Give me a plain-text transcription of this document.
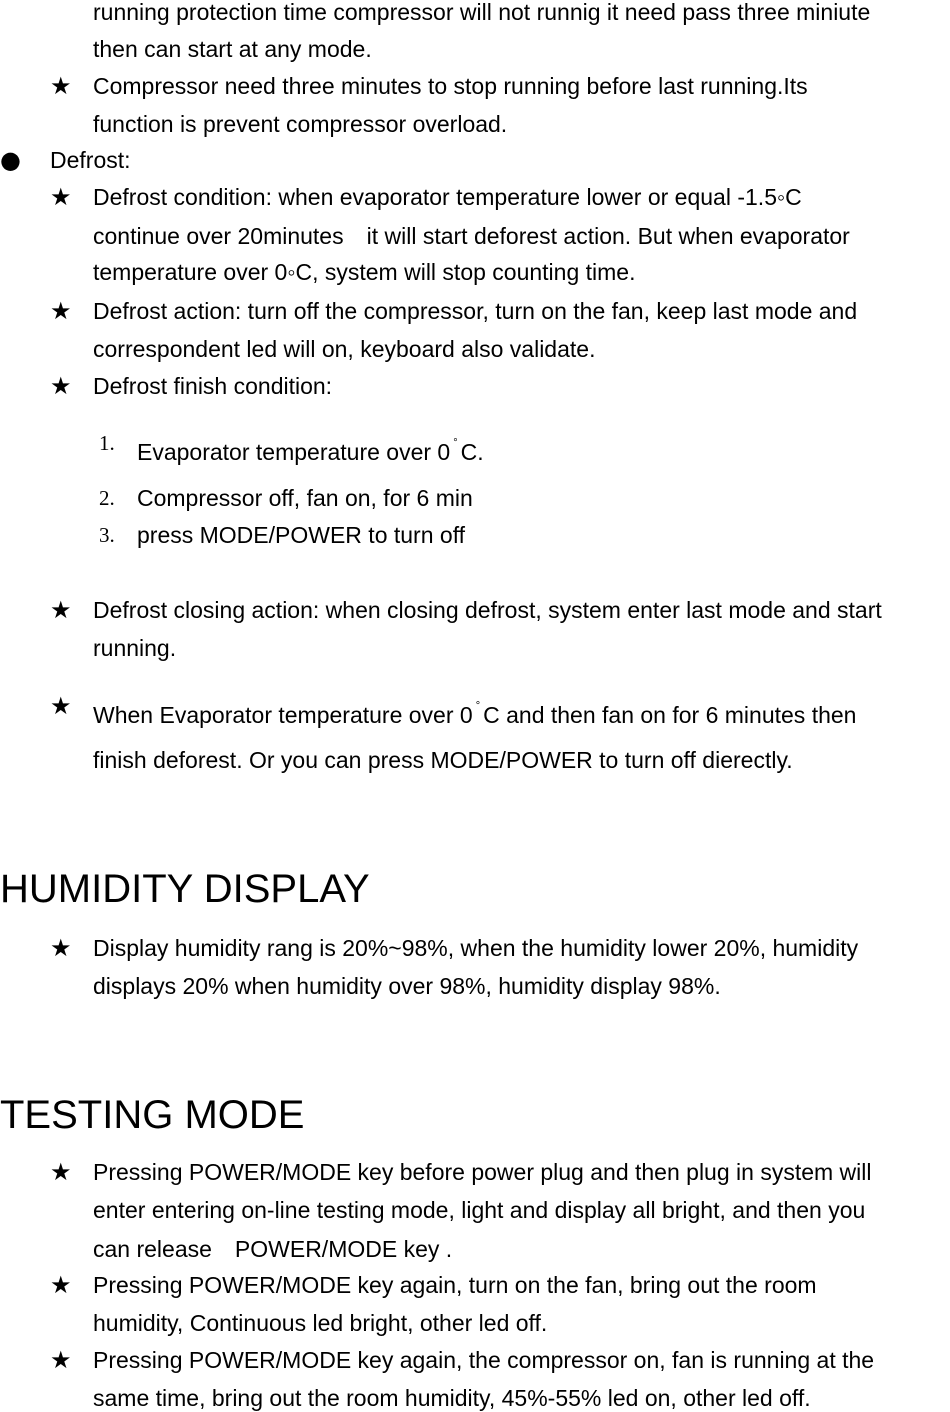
running protection time compressor will not runnig it need pass three miniute
then can start at any mode.
★ Compressor need three minutes to stop running before last running.Its
function is prevent compressor overload.
● Defrost:
★ Defrost condition: when evaporator temperature lower or equal -1.5◦C
continue over 20minutes　it will start deforest action. But when evaporator
temperature over 0◦C, system will stop counting time.
★ Defrost action: turn off the compressor, turn on the fan, keep last mode and
correspondent led will on, keyboard also validate.
★ Defrost finish condition:
1. Evaporator temperature over 0 ° C.
2. Compressor off, fan on, for 6 min
3. press MODE/POWER to turn off
★ Defrost closing action: when closing defrost, system enter last mode and start
running.
★ When Evaporator temperature over 0 ° C and then fan on for 6 minutes then
finish deforest. Or you can press MODE/POWER to turn off dierectly.
HUMIDITY DISPLAY
★ Display humidity rang is 20%~98%, when the humidity lower 20%, humidity
displays 20% when humidity over 98%, humidity display 98%.
TESTING MODE
★ Pressing POWER/MODE key before power plug and then plug in system will
enter entering on-line testing mode, light and display all bright, and then you
can release　POWER/MODE key .
★ Pressing POWER/MODE key again, turn on the fan, bring out the room
humidity, Continuous led bright, other led off.
★ Pressing POWER/MODE key again, the compressor on, fan is running at the
same time, bring out the room humidity, 45%-55% led on, other led off.
